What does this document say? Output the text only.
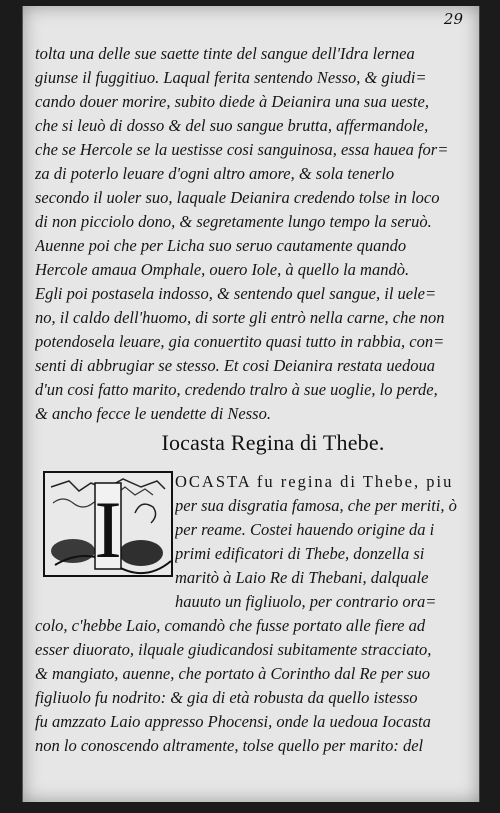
29
tolta una delle sue saette tinte del sangue dell'Idra lernea
giunse il fuggitiuo. Laqual ferita sentendo Nesso, & giudi=
cando douer morire, subito diede à Deianira una sua ueste,
che si leuò di dosso & del suo sangue brutta, affermandole,
che se Hercole se la uestisse cosi sanguinosa, essa hauea for=
za di poterlo leuare d'ogni altro amore, & sola tenerlo
secondo il uoler suo, laquale Deianira credendo tolse in loco
di non picciolo dono, & segretamente lungo tempo la seruò.
Auenne poi che per Licha suo seruo cautamente quando
Hercole amaua Omphale, ouero Iole, à quello la mandò.
Egli poi postasela indosso, & sentendo quel sangue, il uele=
no, il caldo dell'huomo, di sorte gli entrò nella carne, che non
potendosela leuare, gia conuertito quasi tutto in rabbia, con=
senti di abbrugiar se stesso. Et cosi Deianira restata uedoua
d'un cosi fatto marito, credendo tralro à sue uoglie, lo perde,
& ancho fecce le uendette di Nesso.
Iocasta Regina di Thebe.
I
OCASTA fu regina di Thebe, piu
per sua disgratia famosa, che per meriti, ò
per reame. Costei hauendo origine da i
primi edificatori di Thebe, donzella si
maritò à Laio Re di Thebani, dalquale
hauuto un figliuolo, per contrario ora=
colo, c'hebbe Laio, comandò che fusse portato alle fiere ad
esser diuorato, ilquale giudicandosi subitamente stracciato,
& mangiato, auenne, che portato à Corintho dal Re per suo
figliuolo fu nodrito: & gia di età robusta da quello istesso
fu amzzato Laio appresso Phocensi, onde la uedoua Iocasta
non lo conoscendo altramente, tolse quello per marito: del
